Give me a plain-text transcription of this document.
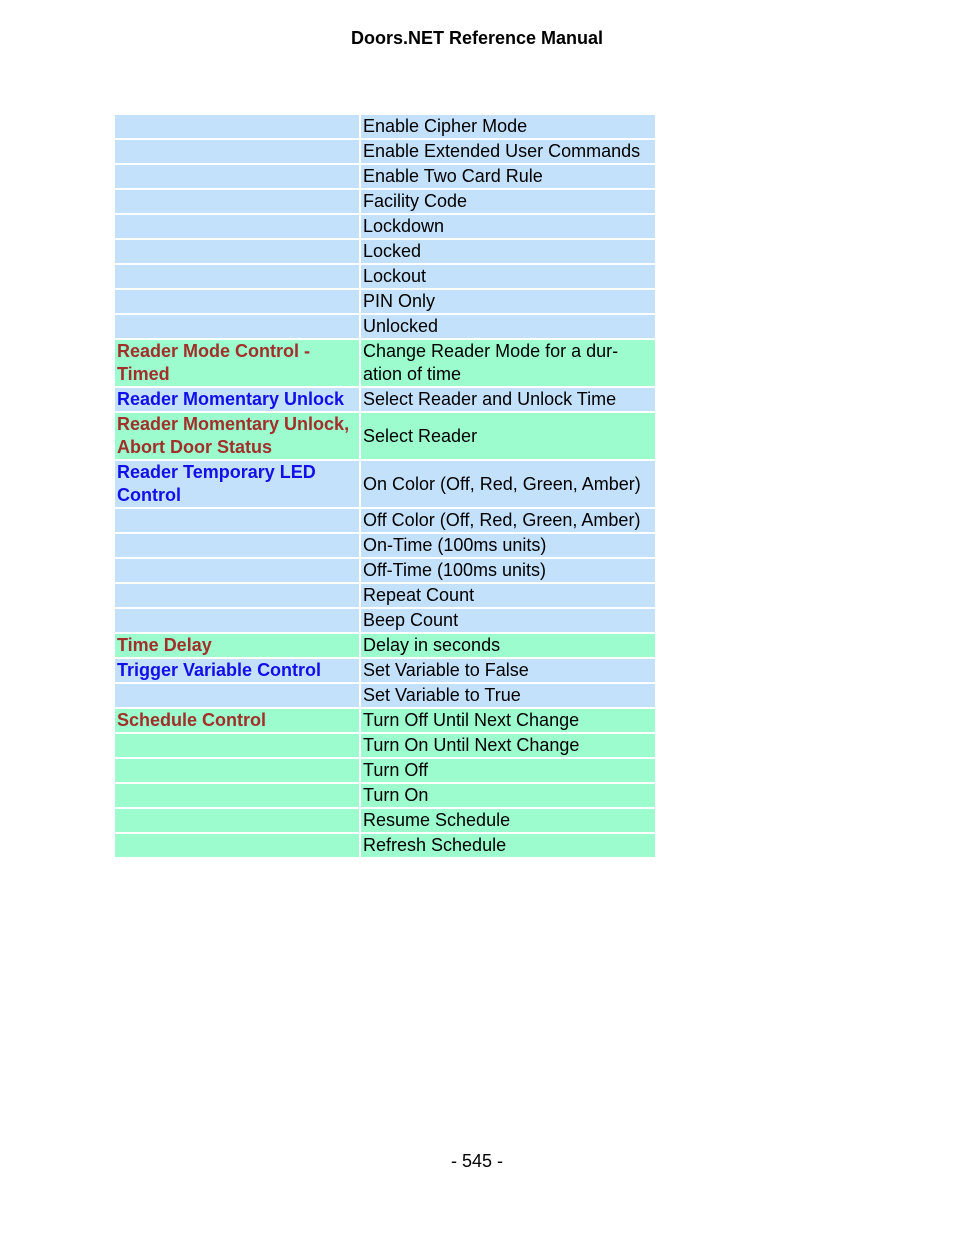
Doors.NET Reference Manual
	Enable Cipher Mode
	Enable Extended User Commands
	Enable Two Card Rule
	Facility Code
	Lockdown
	Locked
	Lockout
	PIN Only
	Unlocked
Reader Mode Control -
Timed	Change Reader Mode for a dur-
ation of time
Reader Momentary Unlock	Select Reader and Unlock Time
Reader Momentary Unlock,
Abort Door Status	Select Reader
Reader Temporary LED
Control	On Color (Off, Red, Green, Amber)
	Off Color (Off, Red, Green, Amber)
	On-Time (100ms units)
	Off-Time (100ms units)
	Repeat Count
	Beep Count
Time Delay	Delay in seconds
Trigger Variable Control	Set Variable to False
	Set Variable to True
Schedule Control	Turn Off Until Next Change
	Turn On Until Next Change
	Turn Off
	Turn On
	Resume Schedule
	Refresh Schedule
- 545 -
